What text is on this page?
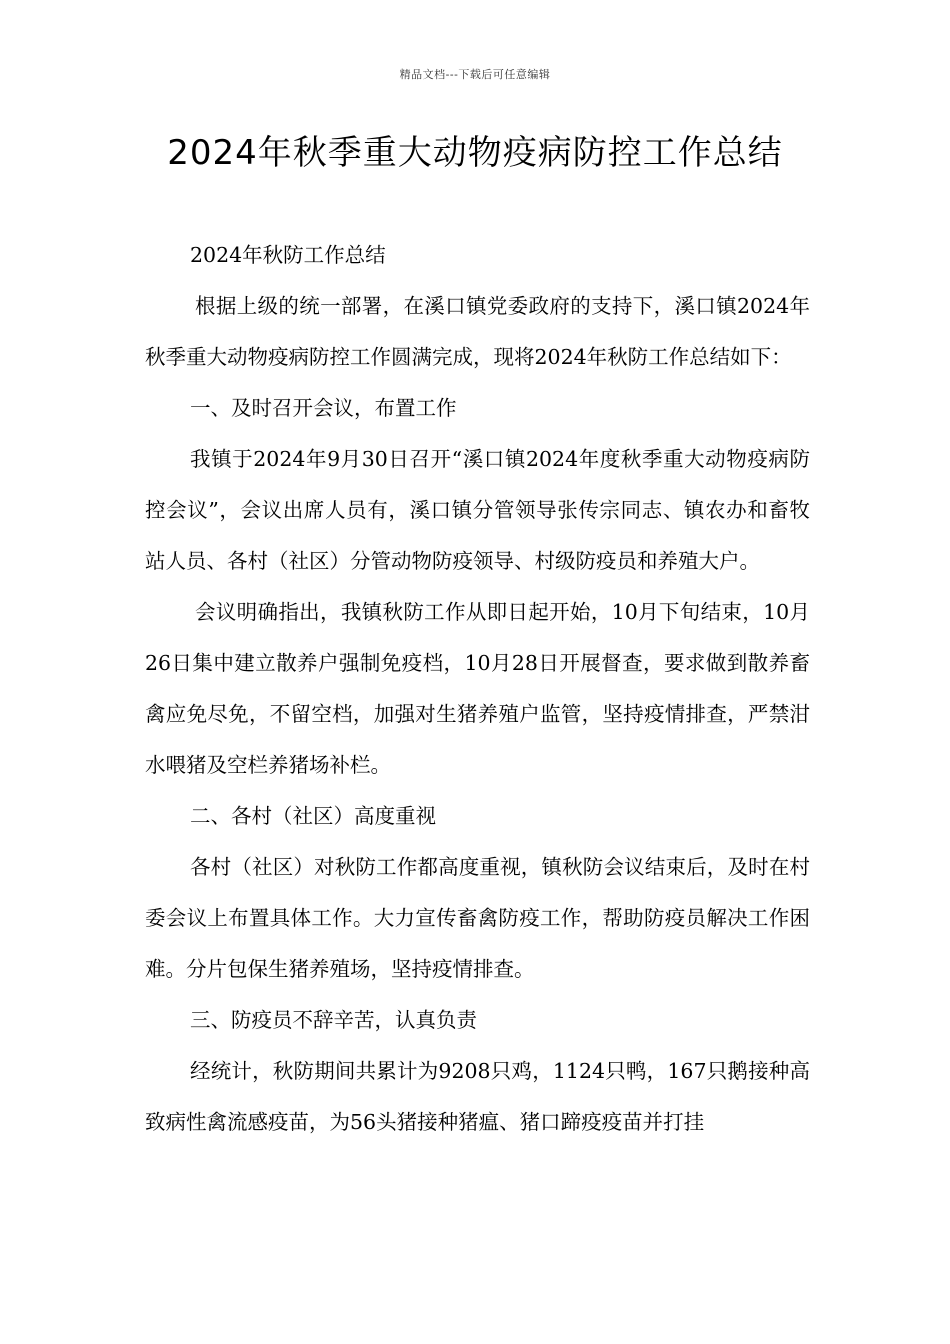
精品文档---下载后可任意编辑
2024年秋季重大动物疫病防控工作总结

2024年秋防工作总结

根据上级的统一部署，在溪口镇党委政府的支持下，溪口镇2024年秋季重大动物疫病防控工作圆满完成，现将2024年秋防工作总结如下：

一、及时召开会议，布置工作

我镇于2024年9月30日召开“溪口镇2024年度秋季重大动物疫病防控会议”，会议出席人员有，溪口镇分管领导张传宗同志、镇农办和畜牧站人员、各村（社区）分管动物防疫领导、村级防疫员和养殖大户。

会议明确指出，我镇秋防工作从即日起开始，10月下旬结束，10月26日集中建立散养户强制免疫档，10月28日开展督查，要求做到散养畜禽应免尽免，不留空档，加强对生猪养殖户监管，坚持疫情排查，严禁泔水喂猪及空栏养猪场补栏。

二、各村（社区）高度重视

各村（社区）对秋防工作都高度重视，镇秋防会议结束后，及时在村委会议上布置具体工作。大力宣传畜禽防疫工作，帮助防疫员解决工作困难。分片包保生猪养殖场，坚持疫情排查。

三、防疫员不辞辛苦，认真负责

经统计，秋防期间共累计为9208只鸡，1124只鸭，167只鹅接种高致病性禽流感疫苗，为56头猪接种猪瘟、猪口蹄疫疫苗并打挂
